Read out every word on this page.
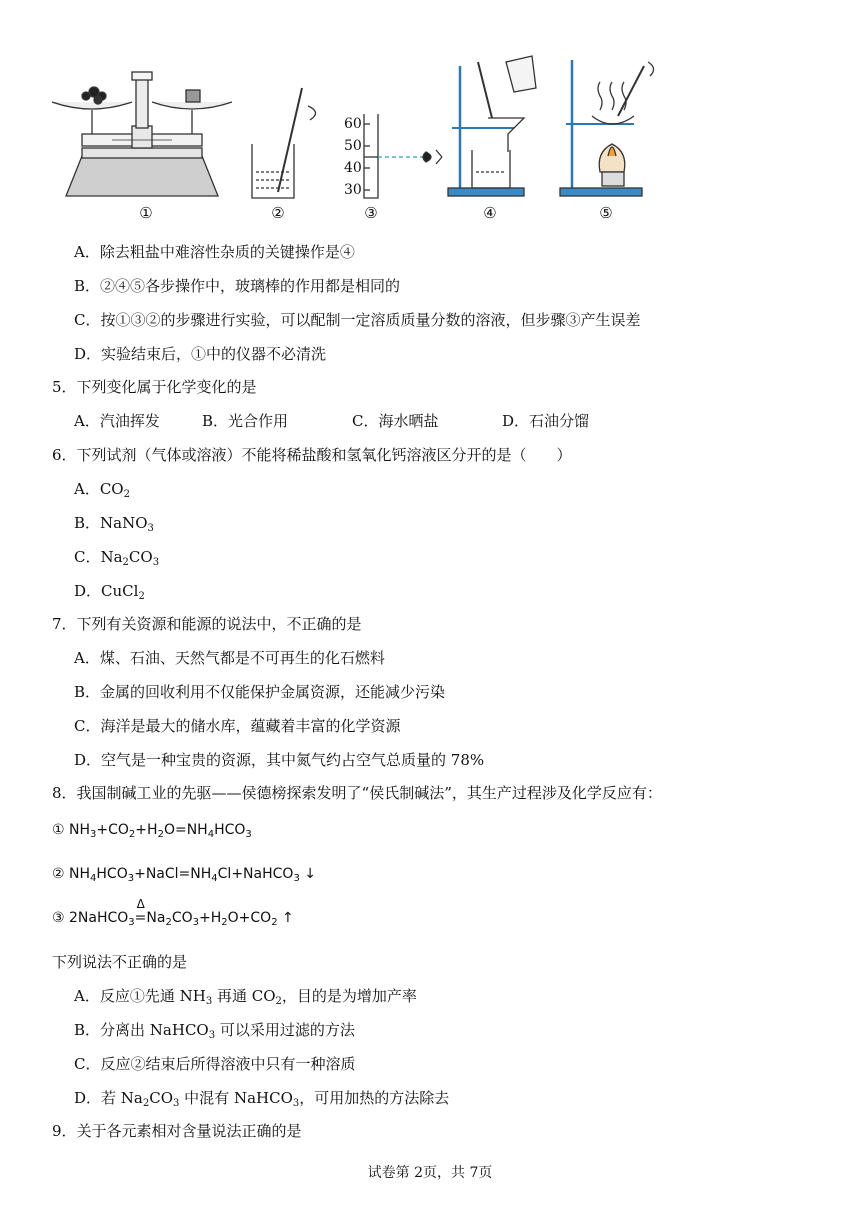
60
50
40
30
①	②	③	④	⑤
A．除去粗盐中难溶性杂质的关键操作是④
B．②④⑤各步操作中，玻璃棒的作用都是相同的
C．按①③②的步骤进行实验，可以配制一定溶质质量分数的溶液，但步骤③产生误差
D．实验结束后，①中的仪器不必清洗
5．下列变化属于化学变化的是
A．汽油挥发	B．光合作用	C．海水晒盐	D．石油分馏
6．下列试剂（气体或溶液）不能将稀盐酸和氢氧化钙溶液区分开的是（　　）
A．$CO_2$
B．NaNO$_3$
C．$Na_2CO_3$
D．CuCl$_2$
7．下列有关资源和能源的说法中，不正确的是
A．煤、石油、天然气都是不可再生的化石燃料
B．金属的回收利用不仅能保护金属资源，还能减少污染
C．海洋是最大的储水库，蕴藏着丰富的化学资源
D．空气是一种宝贵的资源，其中氮气约占空气总质量的 78%
8．我国制碱工业的先驱——侯德榜探索发明了“侯氏制碱法”，其生产过程涉及化学反应有：
① $NH_3+CO_2+H_2O=NH_4HCO_3$
② $NH_4HCO_3+NaCl=NH_4Cl+NaHCO_3$ ↓
③ 2NaHCO$_3$
Δ
$=Na_2CO_3+H_2O+CO_2$ ↑
下列说法不正确的是
A．反应①先通 $NH_3$ 再通 $CO_2$，目的是为增加产率
B．分离出 NaHCO$_3$ 可以采用过滤的方法
C．反应②结束后所得溶液中只有一种溶质
D．若 $Na_2CO_3$ 中混有 NaHCO$_3$，可用加热的方法除去
9．关于各元素相对含量说法正确的是
试卷第 2页，共 7页
